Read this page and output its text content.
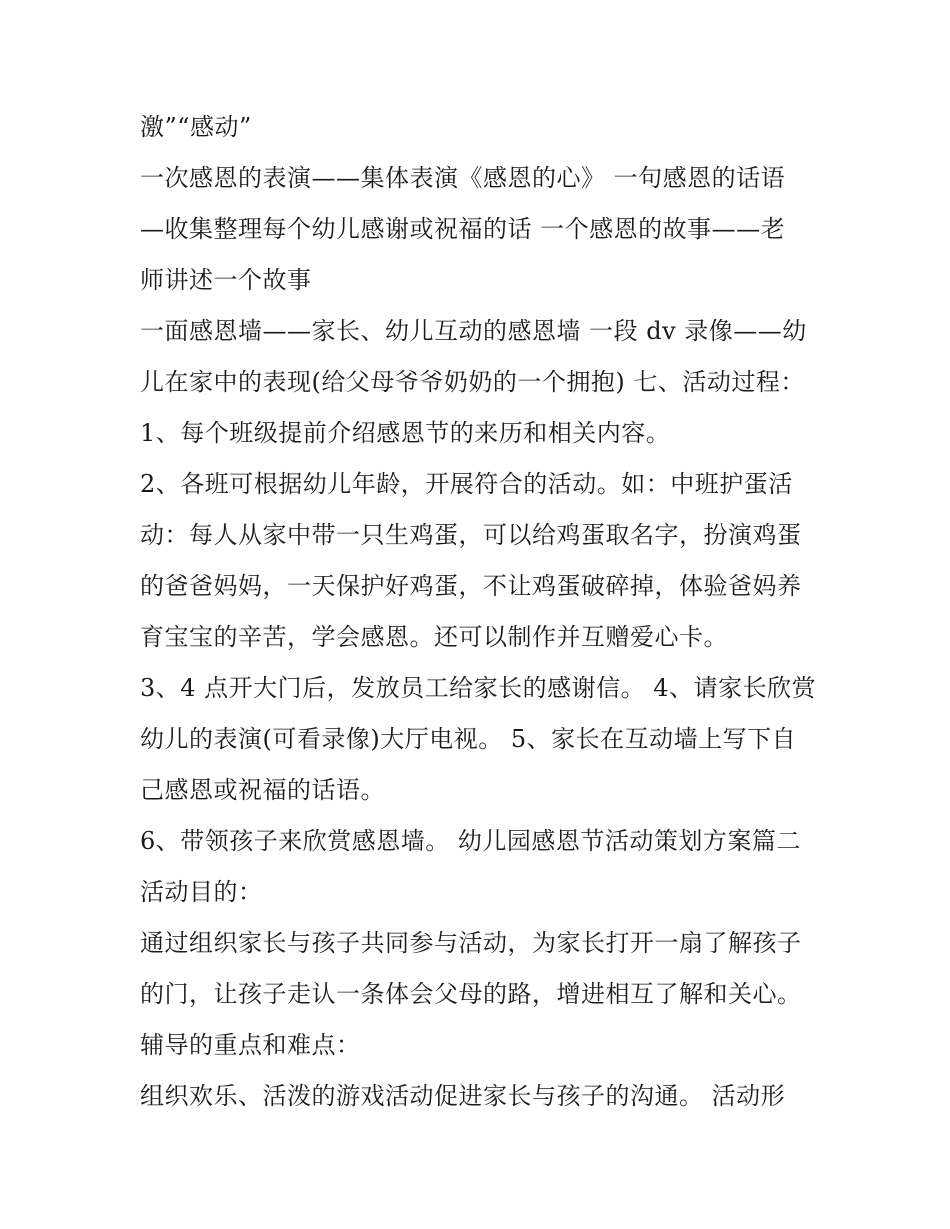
激”“感动”
一次感恩的表演——集体表演《感恩的心》 一句感恩的话语
—收集整理每个幼儿感谢或祝福的话 一个感恩的故事——老
师讲述一个故事
一面感恩墙——家长、幼儿互动的感恩墙 一段 dv 录像——幼
儿在家中的表现(给父母爷爷奶奶的一个拥抱) 七、活动过程：
1、每个班级提前介绍感恩节的来历和相关内容。
2、各班可根据幼儿年龄，开展符合的活动。如：中班护蛋活
动：每人从家中带一只生鸡蛋，可以给鸡蛋取名字，扮演鸡蛋
的爸爸妈妈，一天保护好鸡蛋，不让鸡蛋破碎掉，体验爸妈养
育宝宝的辛苦，学会感恩。还可以制作并互赠爱心卡。
3、4 点开大门后，发放员工给家长的感谢信。 4、请家长欣赏
幼儿的表演(可看录像)大厅电视。 5、家长在互动墙上写下自
己感恩或祝福的话语。
6、带领孩子来欣赏感恩墙。 幼儿园感恩节活动策划方案篇二
活动目的：
通过组织家长与孩子共同参与活动，为家长打开一扇了解孩子
的门，让孩子走认一条体会父母的路，增进相互了解和关心。
辅导的重点和难点：
组织欢乐、活泼的游戏活动促进家长与孩子的沟通。 活动形
